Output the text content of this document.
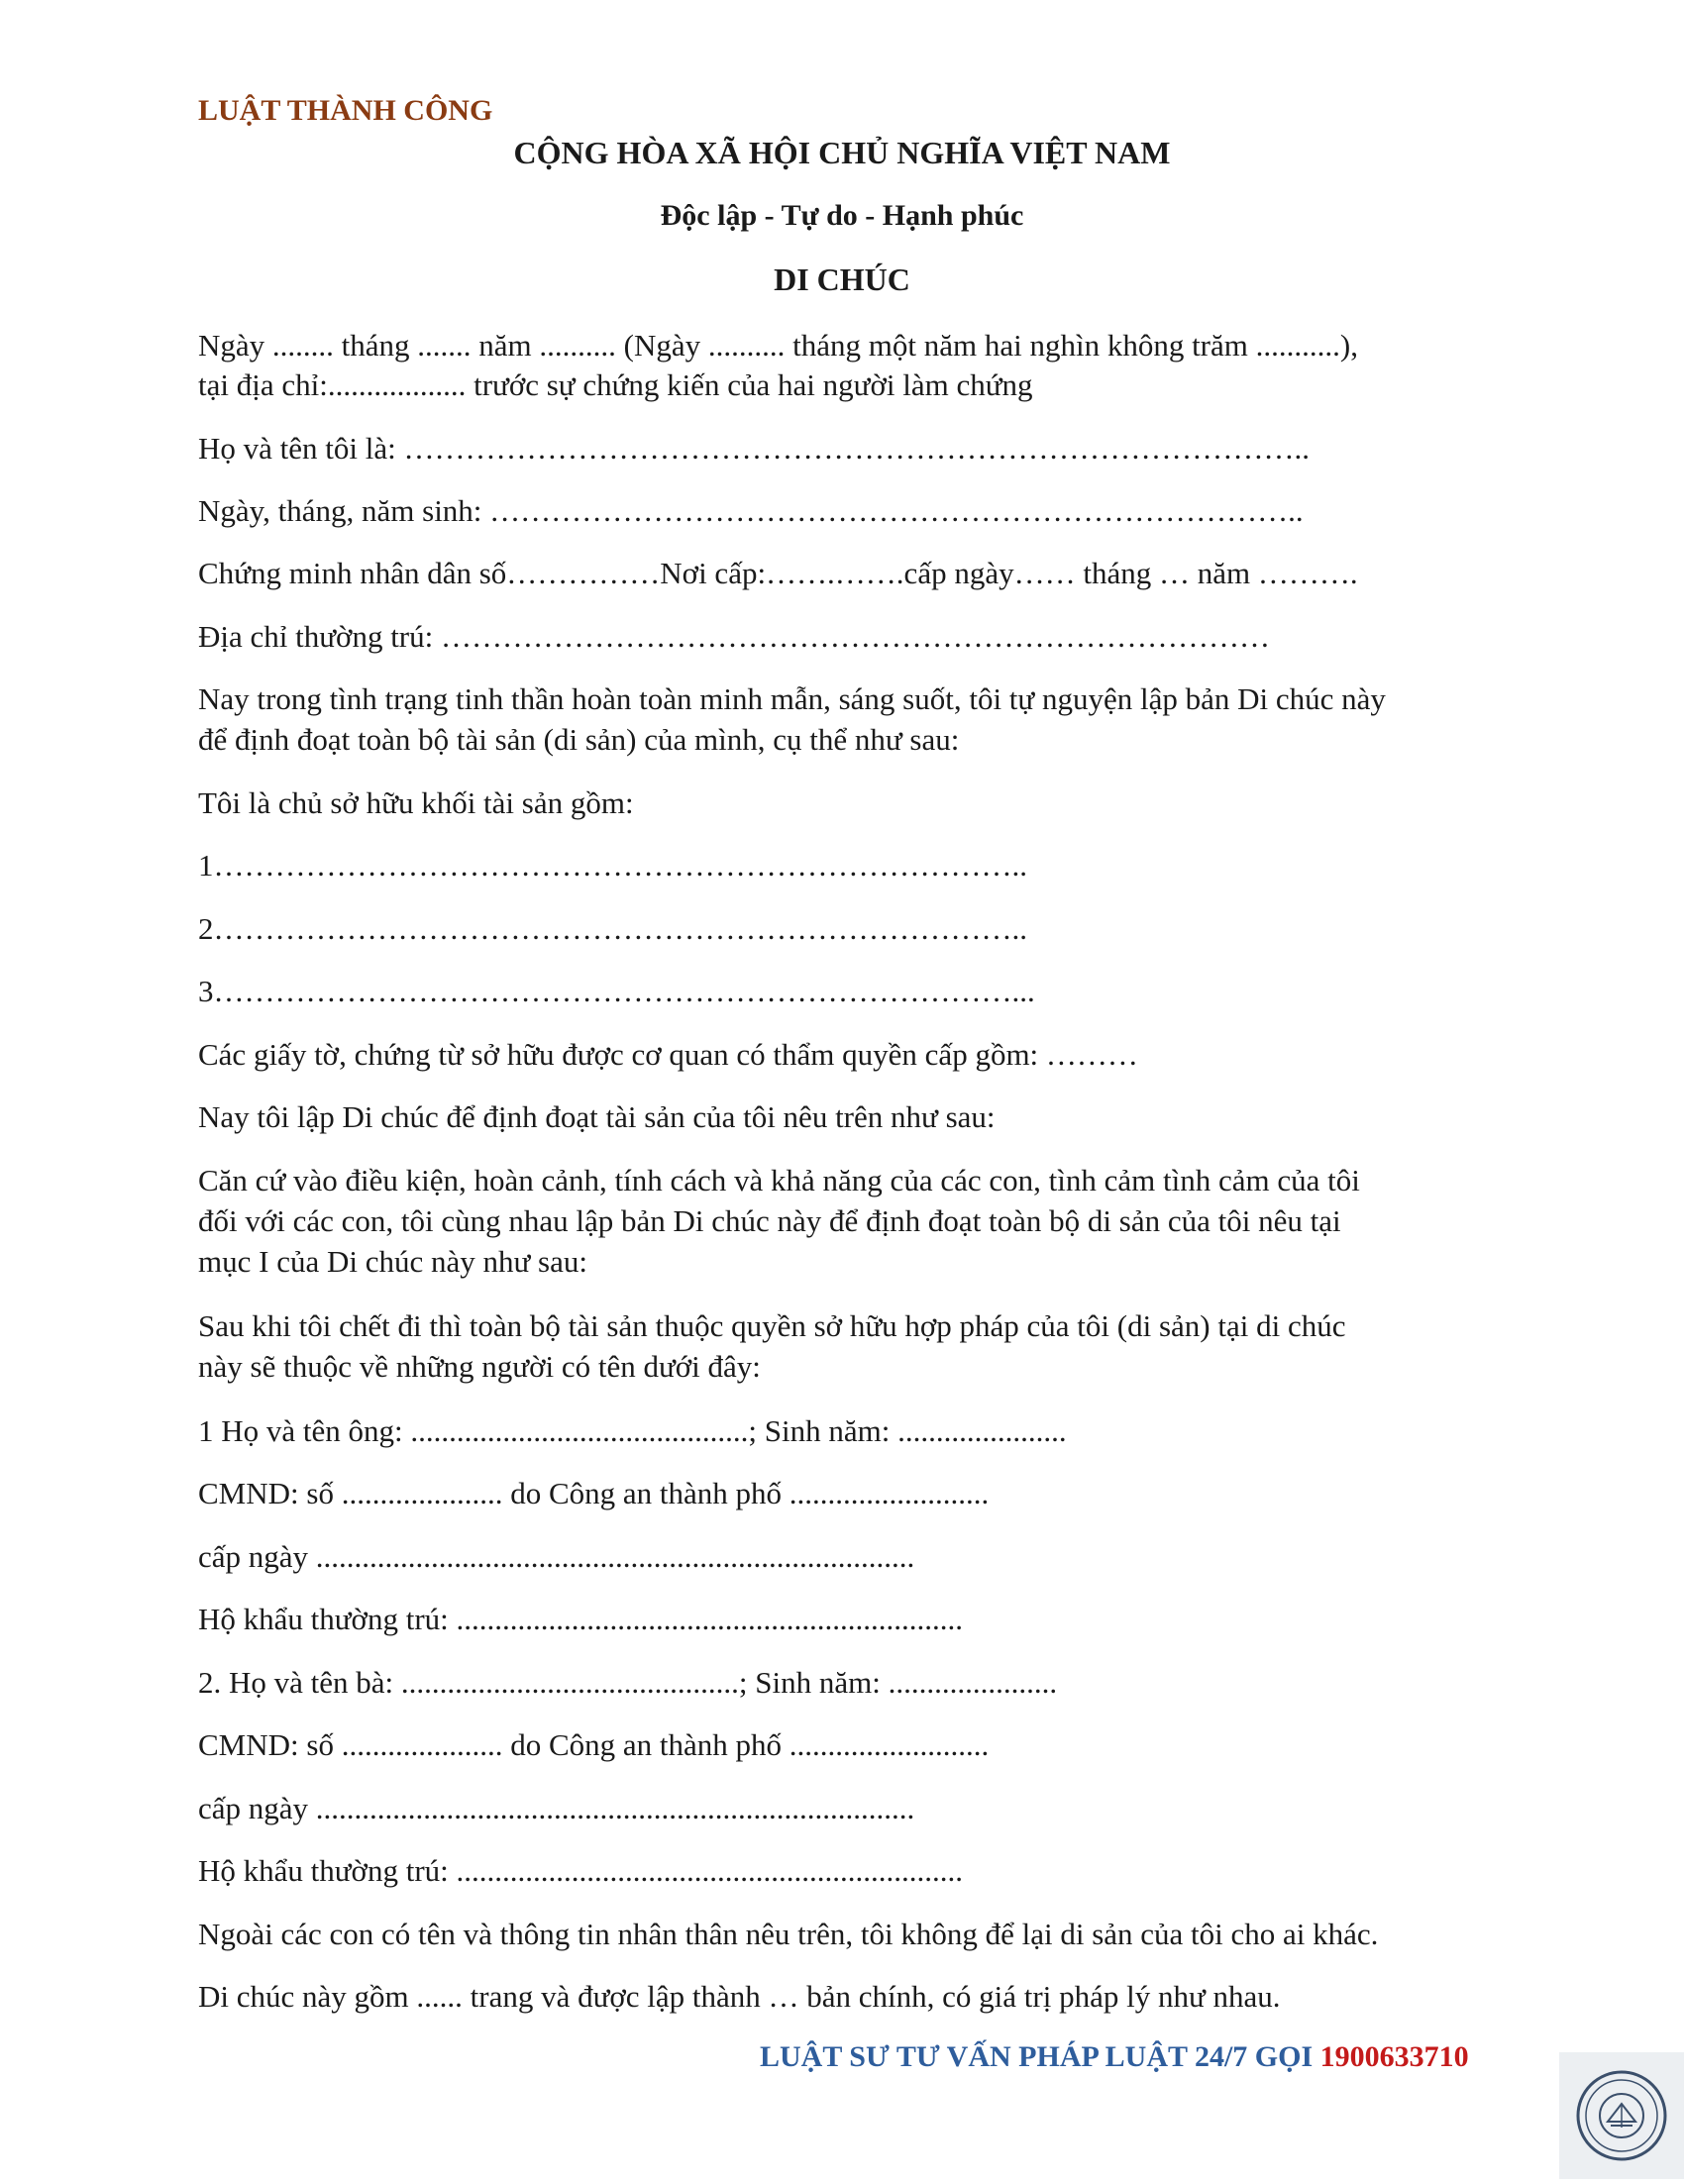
LUẬT THÀNH CÔNG
CỘNG HÒA XÃ HỘI CHỦ NGHĨA VIỆT NAM
Độc lập - Tự do - Hạnh phúc
DI CHÚC
Ngày ........ tháng ....... năm .......... (Ngày .......... tháng một năm hai nghìn không trăm ...........),
tại địa chỉ:.................. trước sự chứng kiến của hai người làm chứng
Họ và tên tôi là: ……………………………………………………………………………..
Ngày, tháng, năm sinh: ……………………………………………………………………..
Chứng minh nhân dân số……………Nơi cấp:…….…….cấp ngày…… tháng … năm ……….
Địa chỉ thường trú: ………………………………………………………………………
Nay trong tình trạng tinh thần hoàn toàn minh mẫn, sáng suốt, tôi tự nguyện lập bản Di chúc này
để định đoạt toàn bộ tài sản (di sản) của mình, cụ thể như sau:
Tôi là chủ sở hữu khối tài sản gồm:
1……………………………………………………………………..
2……………………………………………………………………..
3……………………………………………………………………...
Các giấy tờ, chứng từ sở hữu được cơ quan có thẩm quyền cấp gồm: ………
Nay tôi lập Di chúc để định đoạt tài sản của tôi nêu trên như sau:
Căn cứ vào điều kiện, hoàn cảnh, tính cách và khả năng của các con, tình cảm tình cảm của tôi
đối với các con, tôi cùng nhau lập bản Di chúc này để định đoạt toàn bộ di sản của tôi nêu tại
mục I của Di chúc này như sau:
Sau khi tôi chết đi thì toàn bộ tài sản thuộc quyền sở hữu hợp pháp của tôi (di sản) tại di chúc
này sẽ thuộc về những người có tên dưới đây:
1 Họ và tên ông: ............................................; Sinh năm: ......................
CMND: số ..................... do Công an thành phố ..........................
cấp ngày ..............................................................................
Hộ khẩu thường trú: ..................................................................
2. Họ và tên bà: ............................................; Sinh năm: ......................
CMND: số ..................... do Công an thành phố ..........................
cấp ngày ..............................................................................
Hộ khẩu thường trú: ..................................................................
Ngoài các con có tên và thông tin nhân thân nêu trên, tôi không để lại di sản của tôi cho ai khác.
Di chúc này gồm ...... trang và được lập thành … bản chính, có giá trị pháp lý như nhau.
LUẬT SƯ TƯ VẤN PHÁP LUẬT 24/7 GỌI 1900633710
